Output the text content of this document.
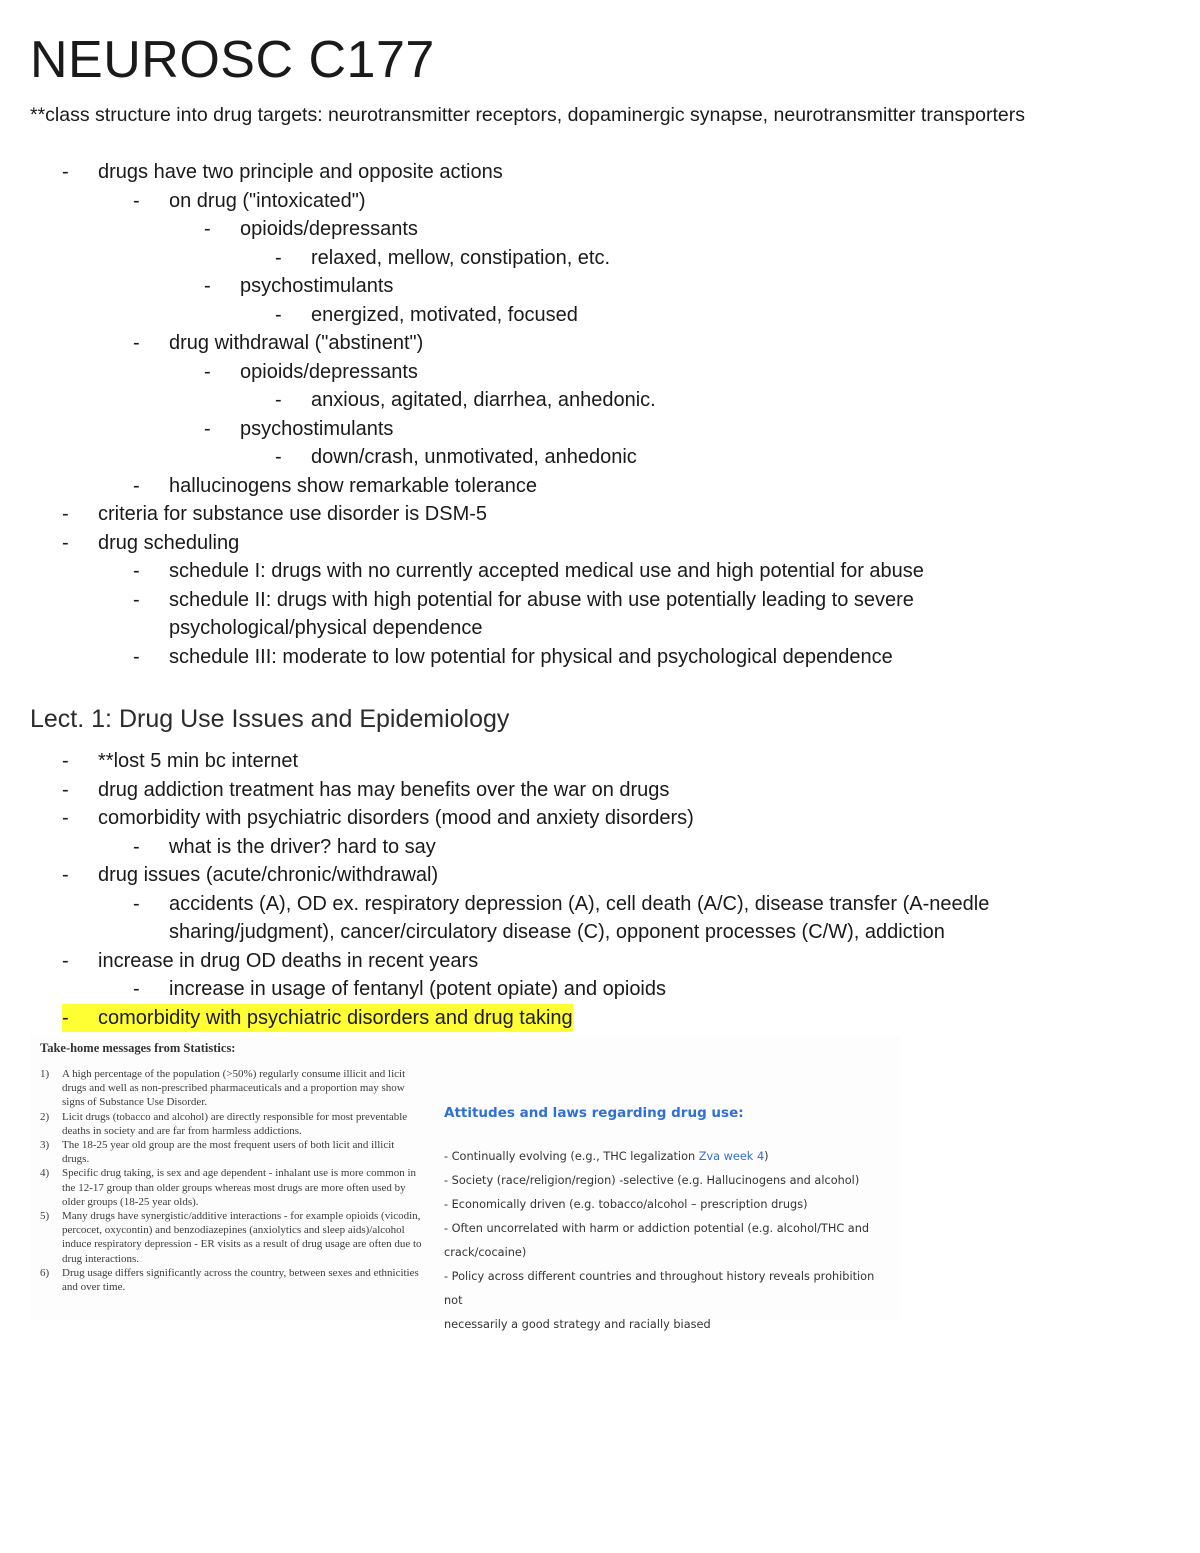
NEUROSC C177

**class structure into drug targets: neurotransmitter receptors, dopaminergic synapse, neurotransmitter transporters

- drugs have two principle and opposite actions
- on drug ("intoxicated")
- opioids/depressants
- relaxed, mellow, constipation, etc.
- psychostimulants
- energized, motivated, focused
- drug withdrawal ("abstinent")
- opioids/depressants
- anxious, agitated, diarrhea, anhedonic.
- psychostimulants
- down/crash, unmotivated, anhedonic
- hallucinogens show remarkable tolerance
- criteria for substance use disorder is DSM-5
- drug scheduling
- schedule I: drugs with no currently accepted medical use and high potential for abuse
- schedule II: drugs with high potential for abuse with use potentially leading to severe
psychological/physical dependence
- schedule III: moderate to low potential for physical and psychological dependence
Lect. 1: Drug Use Issues and Epidemiology
- **lost 5 min bc internet
- drug addiction treatment has may benefits over the war on drugs
- comorbidity with psychiatric disorders (mood and anxiety disorders)
- what is the driver? hard to say
- drug issues (acute/chronic/withdrawal)
- accidents (A), OD ex. respiratory depression (A), cell death (A/C), disease transfer (A-needle
sharing/judgment), cancer/circulatory disease (C), opponent processes (C/W), addiction
- increase in drug OD deaths in recent years
- increase in usage of fentanyl (potent opiate) and opioids
-	comorbidity with psychiatric disorders and drug taking
Take-home messages from Statistics:
1) A high percentage of the population (>50%) regularly consume illicit and licit drugs and well as non-prescribed pharmaceuticals and a proportion may show signs of Substance Use Disorder.
2) Licit drugs (tobacco and alcohol) are directly responsible for most preventable deaths in society and are far from harmless addictions.
3) The 18-25 year old group are the most frequent users of both licit and illicit drugs.
4) Specific drug taking, is sex and age dependent - inhalant use is more common in the 12-17 group than older groups whereas most drugs are more often used by older groups (18-25 year olds).
5) Many drugs have synergistic/additive interactions - for example opioids (vicodin, percocet, oxycontin) and benzodiazepines (anxiolytics and sleep aids)/alcohol induce respiratory depression - ER visits as a result of drug usage are often due to drug interactions.
6) Drug usage differs significantly across the country, between sexes and ethnicities and over time.
Attitudes and laws regarding drug use:
- Continually evolving (e.g., THC legalization Zva week 4)
- Society (race/religion/region) -selective (e.g. Hallucinogens and alcohol)
- Economically driven (e.g. tobacco/alcohol – prescription drugs)
- Often uncorrelated with harm or addiction potential (e.g. alcohol/THC and
crack/cocaine)
- Policy across different countries and throughout history reveals prohibition not
necessarily a good strategy and racially biased
